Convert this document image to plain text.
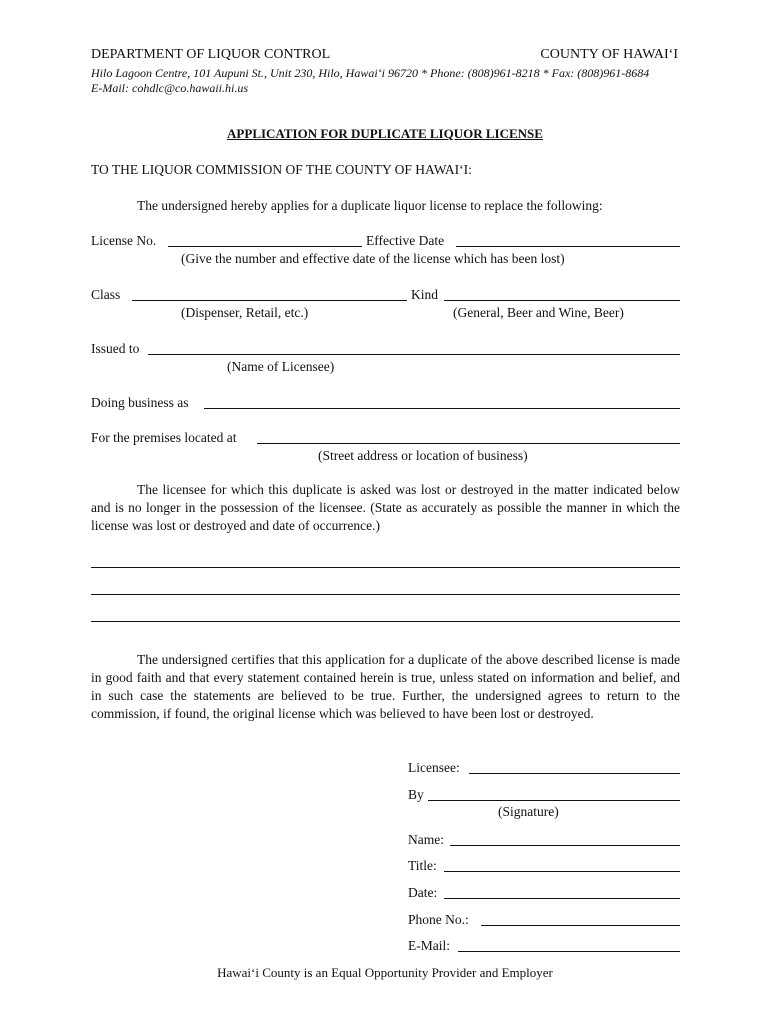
DEPARTMENT OF LIQUOR CONTROL	COUNTY OF HAWAI‘I
Hilo Lagoon Centre, 101 Aupuni St., Unit 230, Hilo, Hawai‘i 96720 * Phone: (808)961-8218 * Fax: (808)961-8684
E-Mail: cohdlc@co.hawaii.hi.us
APPLICATION FOR DUPLICATE LIQUOR LICENSE
TO THE LIQUOR COMMISSION OF THE COUNTY OF HAWAI‘I:
The undersigned hereby applies for a duplicate liquor license to replace the following:
License No.	Effective Date
(Give the number and effective date of the license which has been lost)
Class	Kind
(Dispenser, Retail, etc.)	(General, Beer and Wine, Beer)
Issued to
(Name of Licensee)
Doing business as
For the premises located at
(Street address or location of business)
The licensee for which this duplicate is asked was lost or destroyed in the matter indicated below and is no longer in the possession of the licensee. (State as accurately as possible the manner in which the license was lost or destroyed and date of occurrence.)
The undersigned certifies that this application for a duplicate of the above described license is made in good faith and that every statement contained herein is true, unless stated on information and belief, and in such case the statements are believed to be true. Further, the undersigned agrees to return to the commission, if found, the original license which was believed to have been lost or destroyed.
Licensee:
By
(Signature)
Name:
Title:
Date:
Phone No.:
E-Mail:
Hawai‘i County is an Equal Opportunity Provider and Employer
